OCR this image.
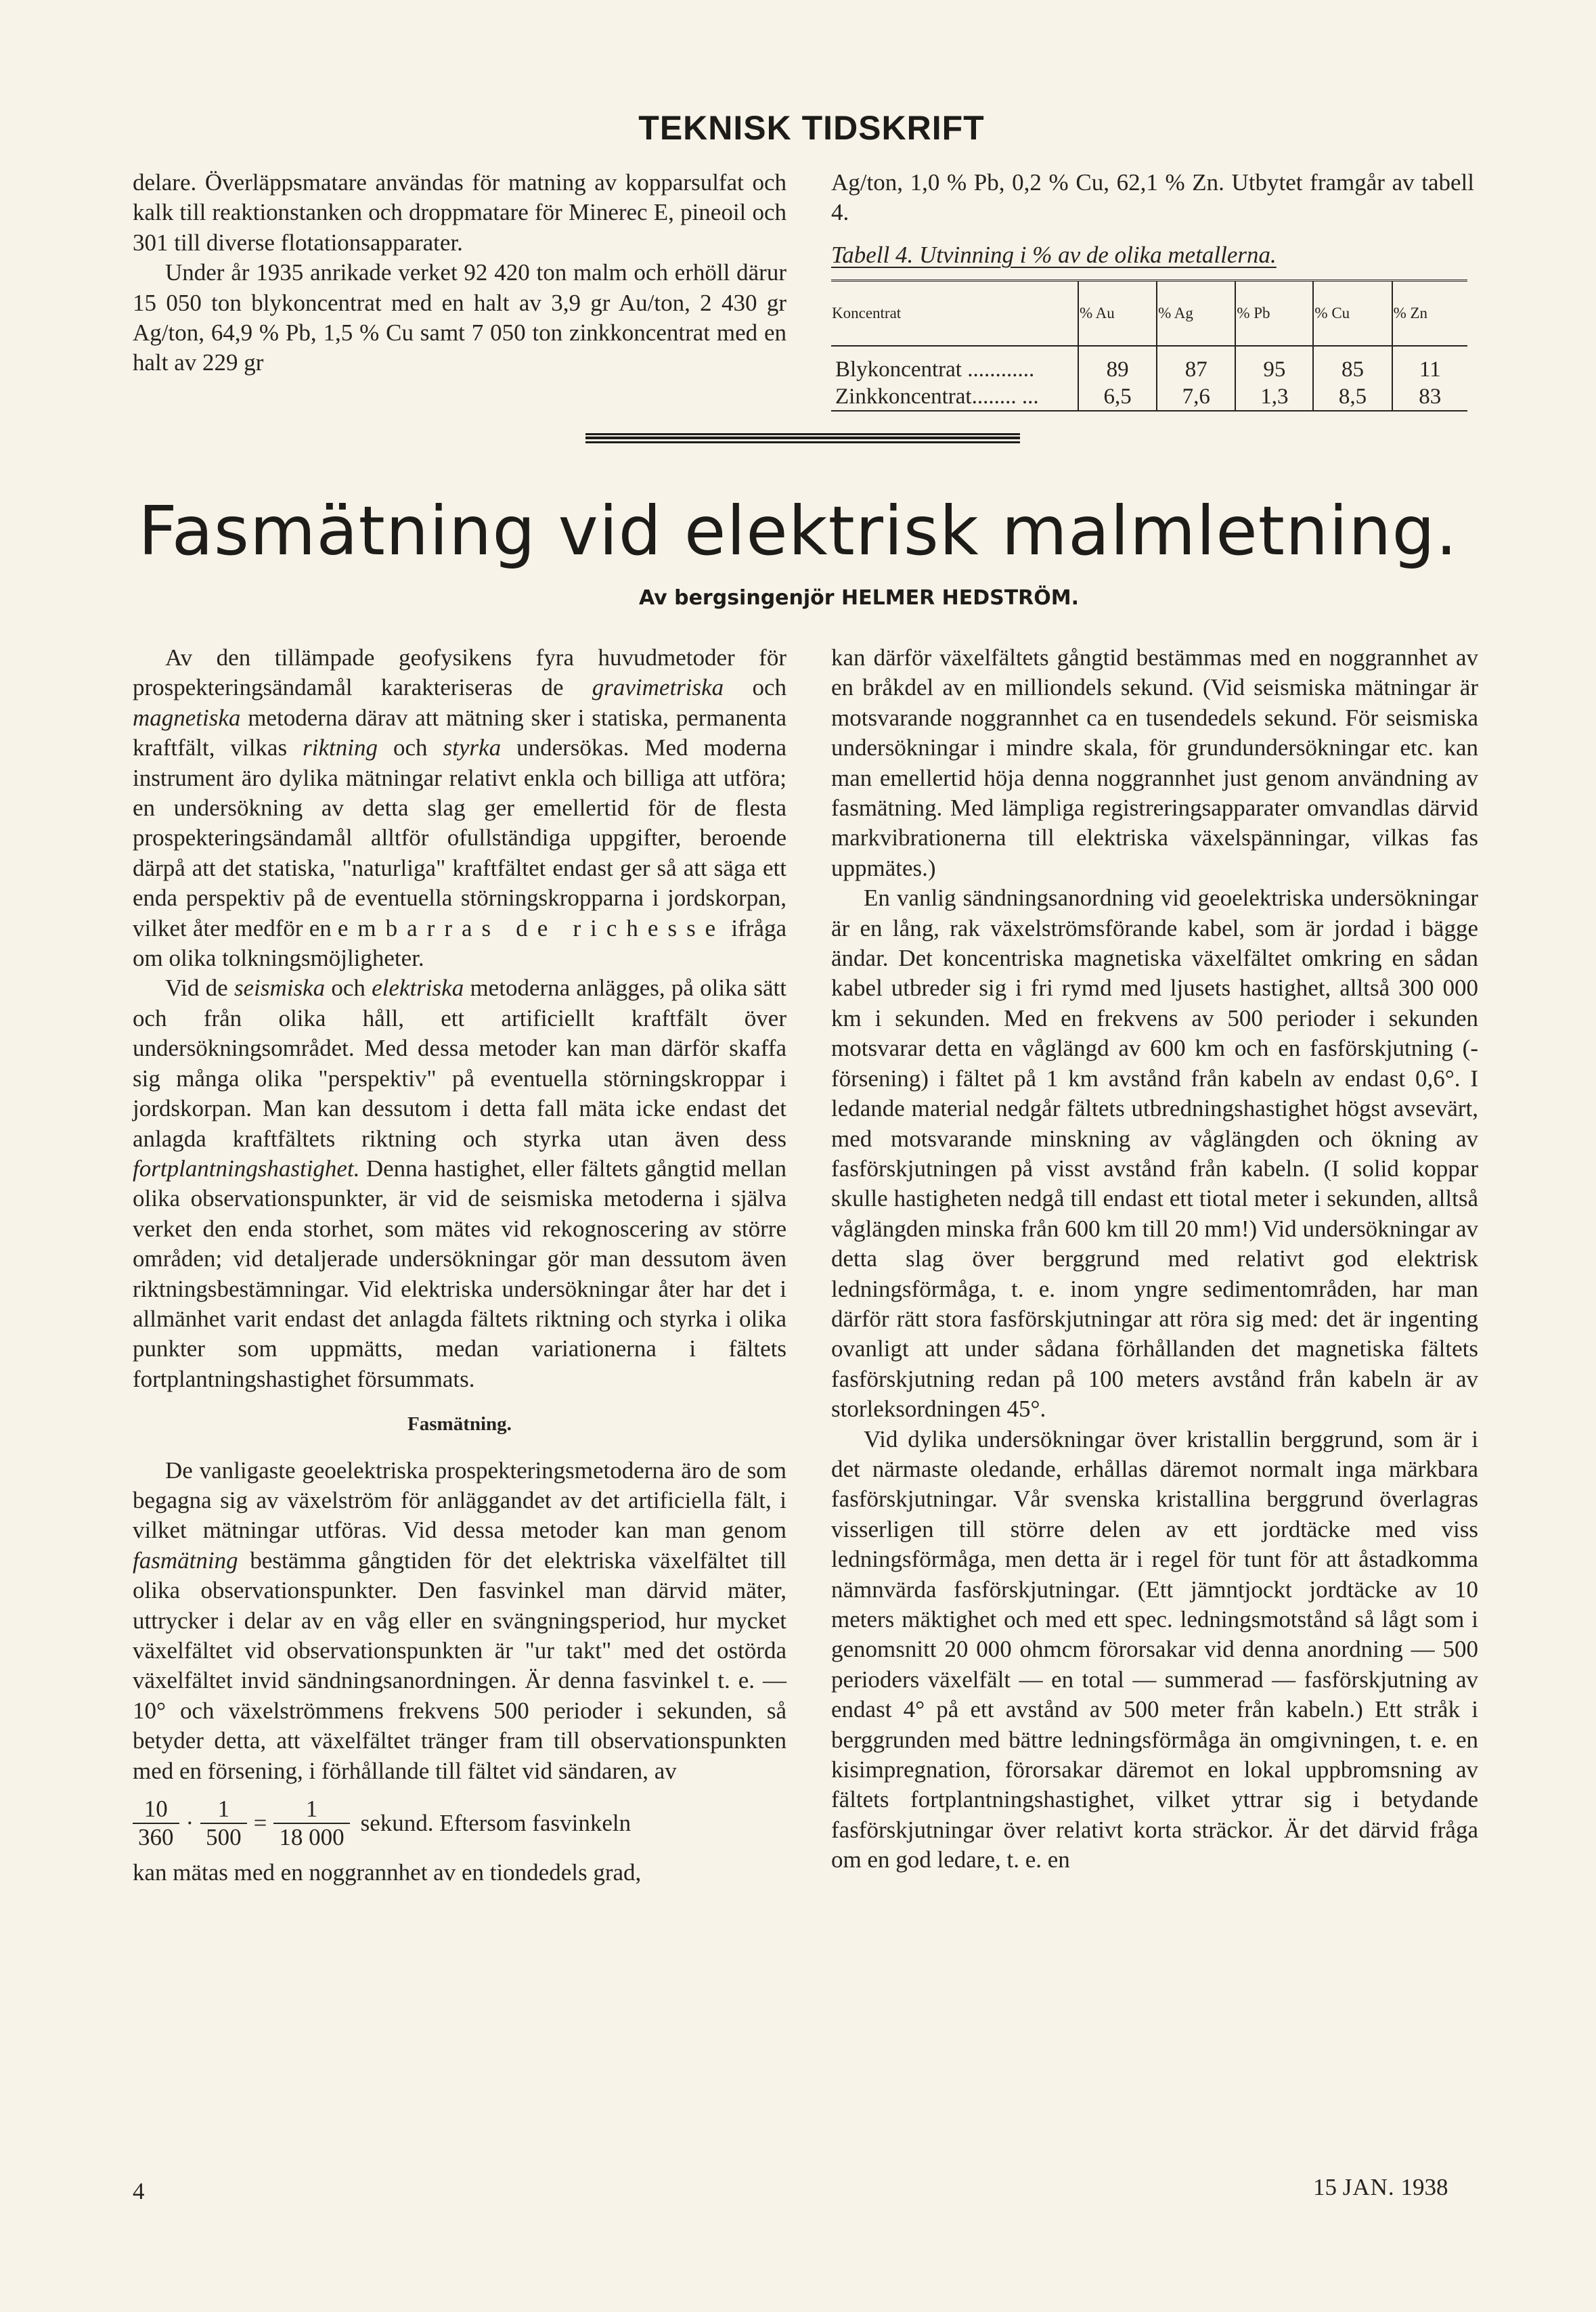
TEKNISK TIDSKRIFT

delare. Överläppsmatare användas för matning av kopparsulfat och kalk till reaktionstanken och droppmatare för Minerec E, pineoil och 301 till diverse flotationsapparater.

Under år 1935 anrikade verket 92 420 ton malm och erhöll därur 15 050 ton blykoncentrat med en halt av 3,9 gr Au/ton, 2 430 gr Ag/ton, 64,9 % Pb, 1,5 % Cu samt 7 050 ton zinkkoncentrat med en halt av 229 gr

Ag/ton, 1,0 % Pb, 0,2 % Cu, 62,1 % Zn. Utbytet framgår av tabell 4.

Tabell 4. Utvinning i % av de olika metallerna.
Koncentrat	% Au	% Ag	% Pb	% Cu	% Zn
Blykoncentrat ............	89	87	95	85	11
Zinkkoncentrat........ ...	6,5	7,6	1,3	8,5	83
Fasmätning vid elektrisk malmletning.
Av bergsingenjör HELMER HEDSTRÖM.

Av den tillämpade geofysikens fyra huvudmetoder för prospekteringsändamål karakteriseras de gravimetriska och magnetiska metoderna därav att mätning sker i statiska, permanenta kraftfält, vilkas riktning och styrka undersökas. Med moderna instrument äro dylika mätningar relativt enkla och billiga att utföra; en undersökning av detta slag ger emellertid för de flesta prospekteringsändamål alltför ofullständiga uppgifter, beroende därpå att det statiska, "naturliga" kraftfältet endast ger så att säga ett enda perspektiv på de eventuella störningskropparna i jordskorpan, vilket åter medför en embarras de richesse ifråga om olika tolkningsmöjligheter.

Vid de seismiska och elektriska metoderna anlägges, på olika sätt och från olika håll, ett artificiellt kraftfält över undersökningsområdet. Med dessa metoder kan man därför skaffa sig många olika "perspektiv" på eventuella störningskroppar i jordskorpan. Man kan dessutom i detta fall mäta icke endast det anlagda kraftfältets riktning och styrka utan även dess fortplantningshastighet. Denna hastighet, eller fältets gångtid mellan olika observationspunkter, är vid de seismiska metoderna i själva verket den enda storhet, som mätes vid rekognoscering av större områden; vid detaljerade undersökningar gör man dessutom även riktningsbestämningar. Vid elektriska undersökningar åter har det i allmänhet varit endast det anlagda fältets riktning och styrka i olika punkter som uppmätts, medan variationerna i fältets fortplantningshastighet försummats.

Fasmätning.

De vanligaste geoelektriska prospekteringsmetoderna äro de som begagna sig av växelström för anläggandet av det artificiella fält, i vilket mätningar utföras. Vid dessa metoder kan man genom fasmätning bestämma gångtiden för det elektriska växelfältet till olika observationspunkter. Den fasvinkel man därvid mäter, uttrycker i delar av en våg eller en svängningsperiod, hur mycket växelfältet vid observationspunkten är "ur takt" med det ostörda växelfältet invid sändningsanordningen. Är denna fasvinkel t. e. —10° och växelströmmens frekvens 500 perioder i sekunden, så betyder detta, att växelfältet tränger fram till observationspunkten med en försening, i förhållande till fältet vid sändaren, av

$\frac{10}{360} \cdot \frac{1}{500} = \frac{1}{18 000}$ sekund. Eftersom fasvinkeln

kan mätas med en noggrannhet av en tiondedels grad,

kan därför växelfältets gångtid bestämmas med en noggrannhet av en bråkdel av en milliondels sekund. (Vid seismiska mätningar är motsvarande noggrannhet ca en tusendedels sekund. För seismiska undersökningar i mindre skala, för grundundersökningar etc. kan man emellertid höja denna noggrannhet just genom användning av fasmätning. Med lämpliga registreringsapparater omvandlas därvid markvibrationerna till elektriska växelspänningar, vilkas fas uppmätes.)

En vanlig sändningsanordning vid geoelektriska undersökningar är en lång, rak växelströmsförande kabel, som är jordad i bägge ändar. Det koncentriska magnetiska växelfältet omkring en sådan kabel utbreder sig i fri rymd med ljusets hastighet, alltså 300 000 km i sekunden. Med en frekvens av 500 perioder i sekunden motsvarar detta en våglängd av 600 km och en fasförskjutning (-försening) i fältet på 1 km avstånd från kabeln av endast 0,6°. I ledande material nedgår fältets utbredningshastighet högst avsevärt, med motsvarande minskning av våglängden och ökning av fasförskjutningen på visst avstånd från kabeln. (I solid koppar skulle hastigheten nedgå till endast ett tiotal meter i sekunden, alltså våglängden minska från 600 km till 20 mm!) Vid undersökningar av detta slag över berggrund med relativt god elektrisk ledningsförmåga, t. e. inom yngre sedimentområden, har man därför rätt stora fasförskjutningar att röra sig med: det är ingenting ovanligt att under sådana förhållanden det magnetiska fältets fasförskjutning redan på 100 meters avstånd från kabeln är av storleksordningen 45°.

Vid dylika undersökningar över kristallin berggrund, som är i det närmaste oledande, erhållas däremot normalt inga märkbara fasförskjutningar. Vår svenska kristallina berggrund överlagras visserligen till större delen av ett jordtäcke med viss ledningsförmåga, men detta är i regel för tunt för att åstadkomma nämnvärda fasförskjutningar. (Ett jämntjockt jordtäcke av 10 meters mäktighet och med ett spec. ledningsmotstånd så lågt som i genomsnitt 20 000 ohmcm förorsakar vid denna anordning — 500 perioders växelfält — en total — summerad — fasförskjutning av endast 4° på ett avstånd av 500 meter från kabeln.) Ett stråk i berggrunden med bättre ledningsförmåga än omgivningen, t. e. en kisimpregnation, förorsakar däremot en lokal uppbromsning av fältets fortplantningshastighet, vilket yttrar sig i betydande fasförskjutningar över relativt korta sträckor. Är det därvid fråga om en god ledare, t. e. en

4	15 JAN. 1938
